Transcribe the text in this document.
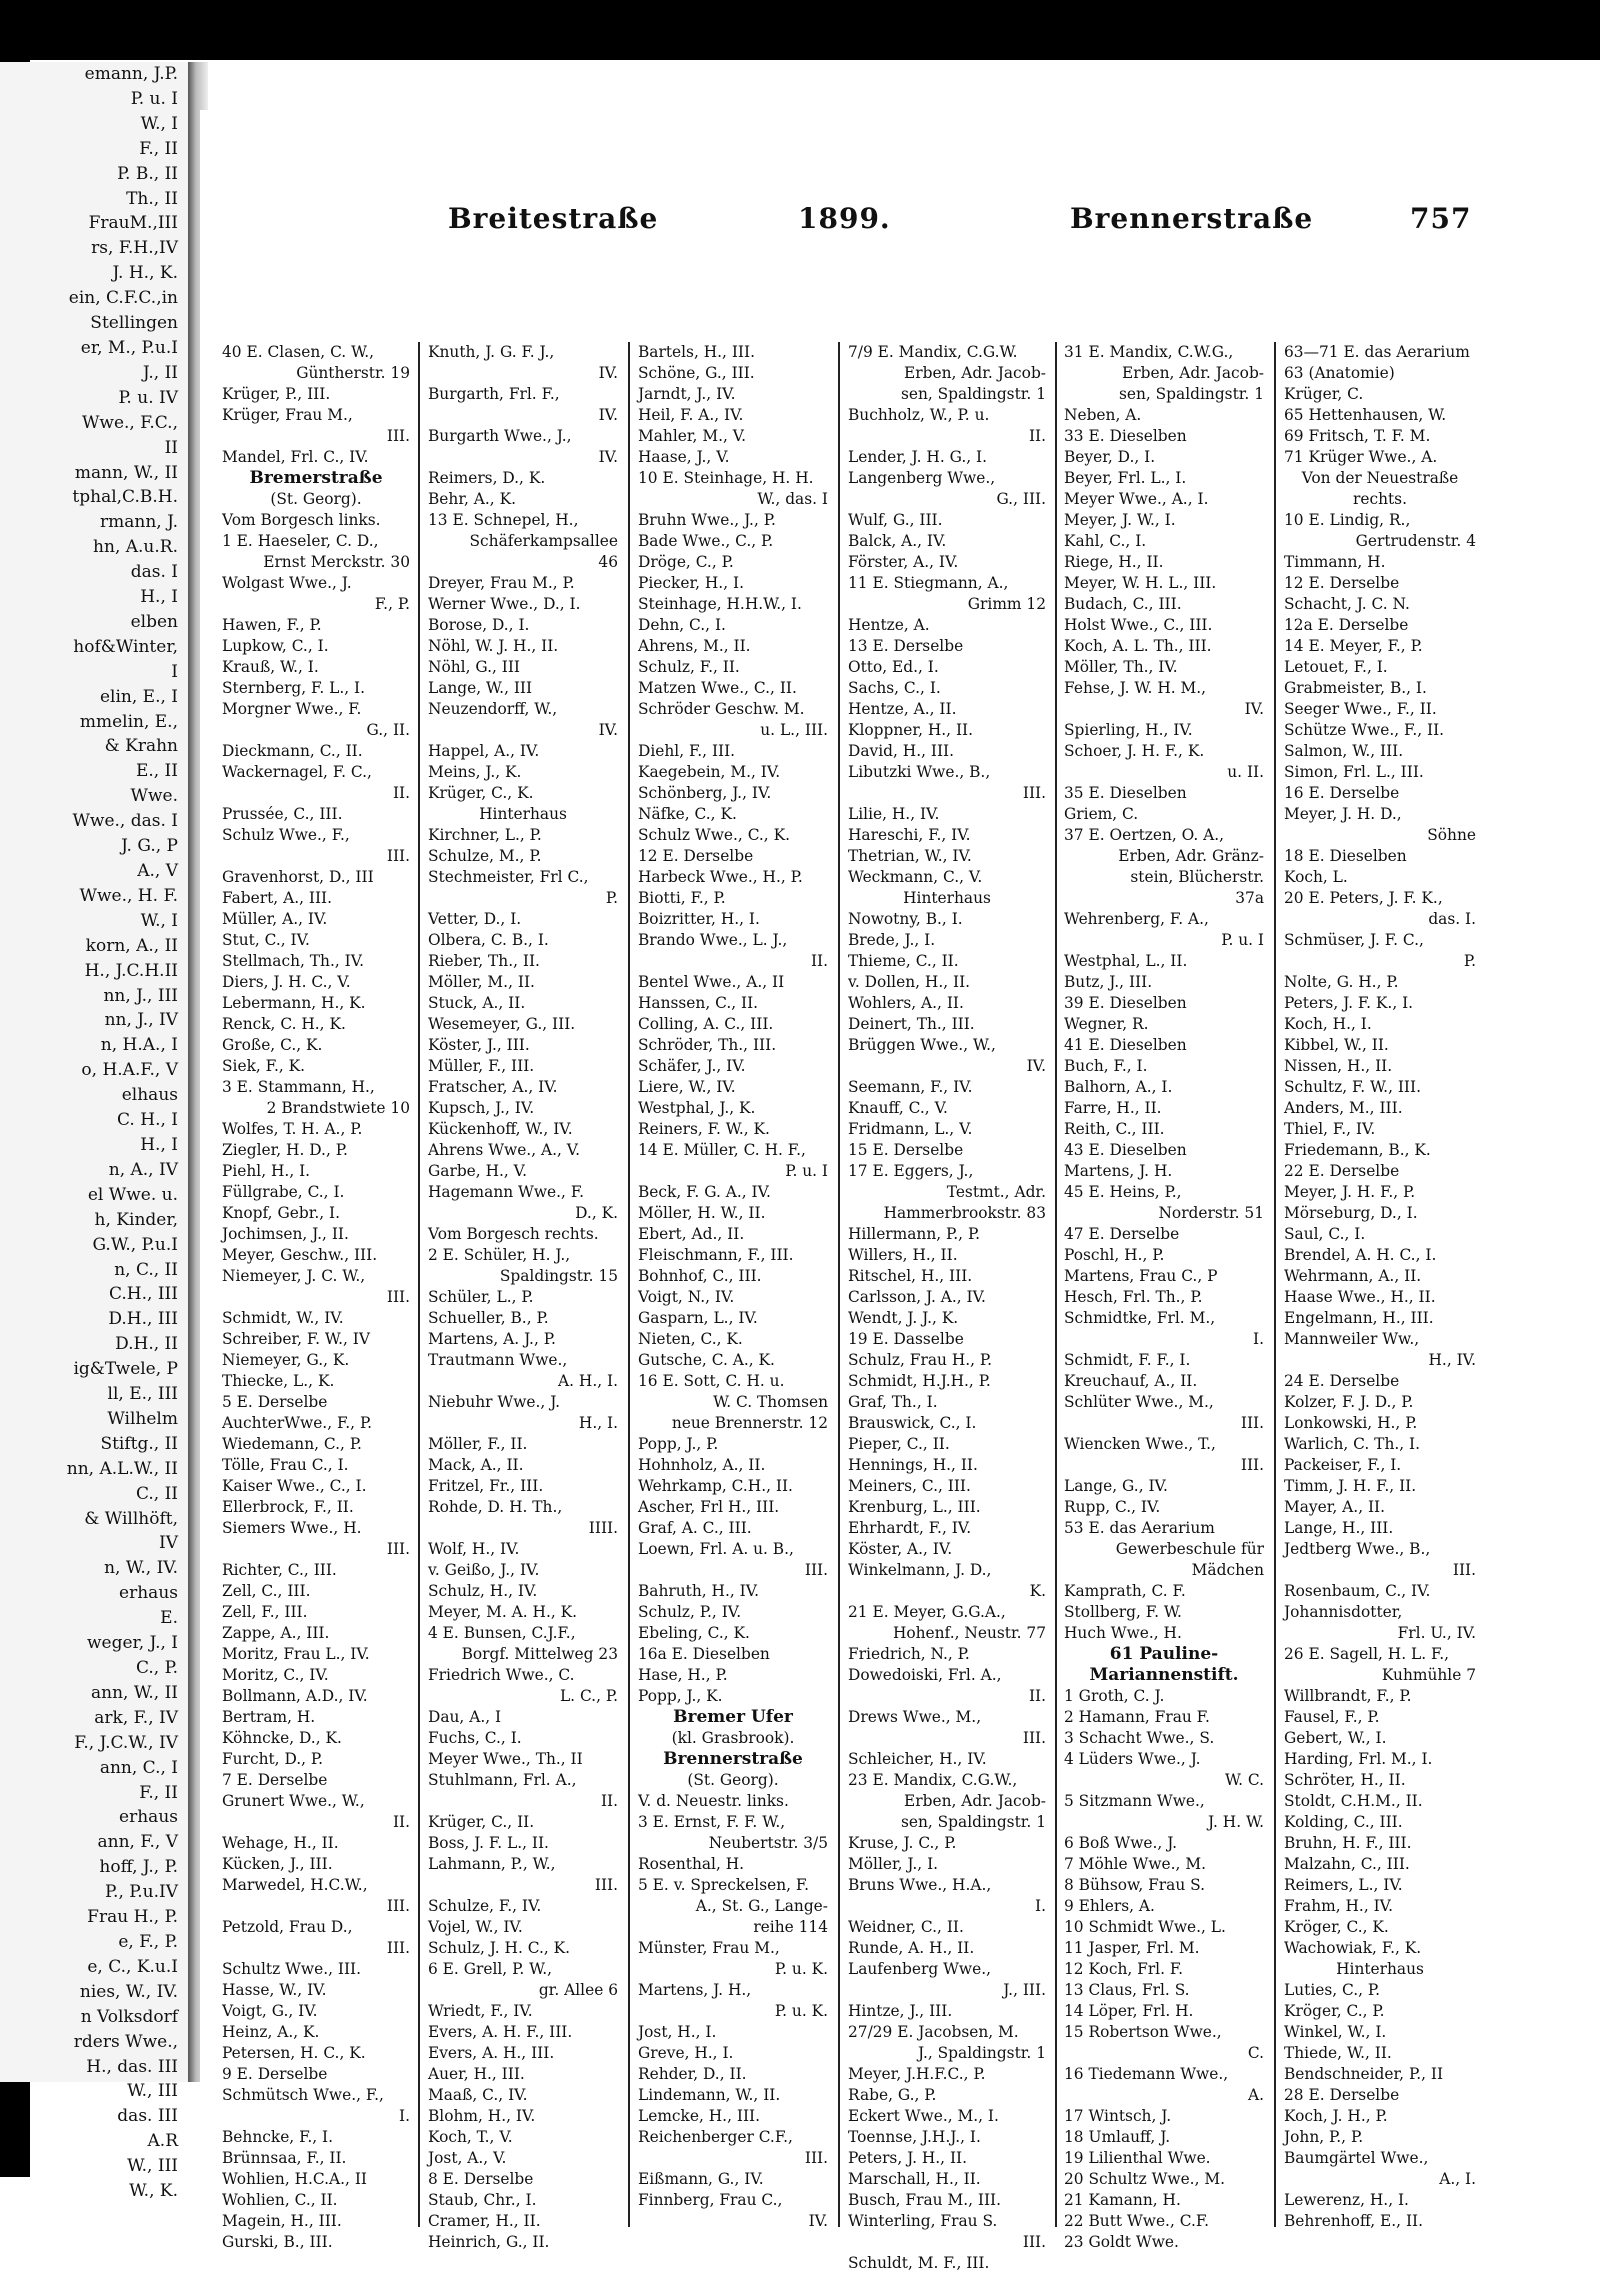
emann, J.P.
P. u. I
W., I
F., II
P. B., II
Th., II
FrauM.,III
rs, F.H.,IV
J. H., K.
ein, C.F.C.,in
Stellingen
er, M., P.u.I
J., II
P. u. IV
Wwe., F.C.,
II
mann, W., II
tphal,C.B.H.
rmann, J.
hn, A.u.R.
das. I
H., I
elben
hof&Winter,
I
elin, E., I
mmelin, E.,
& Krahn
E., II
Wwe.
Wwe., das. I
J. G., P
A., V
Wwe., H. F.
W., I
korn, A., II
H., J.C.H.II
nn, J., III
nn, J., IV
n, H.A., I
o, H.A.F., V
elhaus
C. H., I
H., I
n, A., IV
el Wwe. u.
h, Kinder,
G.W., P.u.I
n, C., II
C.H., III
D.H., III
D.H., II
ig&Twele, P
ll, E., III
Wilhelm
Stiftg., II
nn, A.L.W., II
C., II
& Willhöft,
IV
n, W., IV.
erhaus
E.
weger, J., I
C., P.
ann, W., II
ark, F., IV
F., J.C.W., IV
ann, C., I
F., II
erhaus
ann, F., V
hoff, J., P.
P., P.u.IV
Frau H., P.
e, F., P.
e, C., K.u.I
nies, W., IV.
n Volksdorf
rders Wwe.,
H., das. III
W., III
das. III
A.R
W., III
W., K.
Breitestraße	1899.	Brennerstraße	757
40 E. Clasen, C. W.,
Güntherstr. 19
Krüger, P., III.
Krüger, Frau M.,
III.
Mandel, Frl. C., IV.
Bremerstraße
(St. Georg).
Vom Borgesch links.
1 E. Haeseler, C. D.,
Ernst Merckstr. 30
Wolgast Wwe., J.
F., P.
Hawen, F., P.
Lupkow, C., I.
Krauß, W., I.
Sternberg, F. L., I.
Morgner Wwe., F.
G., II.
Dieckmann, C., II.
Wackernagel, F. C.,
II.
Prussée, C., III.
Schulz Wwe., F.,
III.
Gravenhorst, D., III
Fabert, A., III.
Müller, A., IV.
Stut, C., IV.
Stellmach, Th., IV.
Diers, J. H. C., V.
Lebermann, H., K.
Renck, C. H., K.
Große, C., K.
Siek, F., K.
3 E. Stammann, H.,
2 Brandstwiete 10
Wolfes, T. H. A., P.
Ziegler, H. D., P.
Piehl, H., I.
Füllgrabe, C., I.
Knopf, Gebr., I.
Jochimsen, J., II.
Meyer, Geschw., III.
Niemeyer, J. C. W.,
III.
Schmidt, W., IV.
Schreiber, F. W., IV
Niemeyer, G., K.
Thiecke, L., K.
5 E. Derselbe
AuchterWwe., F., P.
Wiedemann, C., P.
Tölle, Frau C., I.
Kaiser Wwe., C., I.
Ellerbrock, F., II.
Siemers Wwe., H.
III.
Richter, C., III.
Zell, C., III.
Zell, F., III.
Zappe, A., III.
Moritz, Frau L., IV.
Moritz, C., IV.
Bollmann, A.D., IV.
Bertram, H.
Köhncke, D., K.
Furcht, D., P.
7 E. Derselbe
Grunert Wwe., W.,
II.
Wehage, H., II.
Kücken, J., III.
Marwedel, H.C.W.,
III.
Petzold, Frau D.,
III.
Schultz Wwe., III.
Hasse, W., IV.
Voigt, G., IV.
Heinz, A., K.
Petersen, H. C., K.
9 E. Derselbe
Schmütsch Wwe., F.,
I.
Behncke, F., I.
Brünnsaa, F., II.
Wohlien, H.C.A., II
Wohlien, C., II.
Magein, H., III.
Gurski, B., III.
Knuth, J. G. F. J.,
IV.
Burgarth, Frl. F.,
IV.
Burgarth Wwe., J.,
IV.
Reimers, D., K.
Behr, A., K.
13 E. Schnepel, H.,
Schäferkampsallee
46
Dreyer, Frau M., P.
Werner Wwe., D., I.
Borose, D., I.
Nöhl, W. J. H., II.
Nöhl, G., III
Lange, W., III
Neuzendorff, W.,
IV.
Happel, A., IV.
Meins, J., K.
Krüger, C., K.
Hinterhaus
Kirchner, L., P.
Schulze, M., P.
Stechmeister, Frl C.,
P.
Vetter, D., I.
Olbera, C. B., I.
Rieber, Th., II.
Möller, M., II.
Stuck, A., II.
Wesemeyer, G., III.
Köster, J., III.
Müller, F., III.
Fratscher, A., IV.
Kupsch, J., IV.
Kückenhoff, W., IV.
Ahrens Wwe., A., V.
Garbe, H., V.
Hagemann Wwe., F.
D., K.
Vom Borgesch rechts.
2 E. Schüler, H. J.,
Spaldingstr. 15
Schüler, L., P.
Schueller, B., P.
Martens, A. J., P.
Trautmann Wwe.,
A. H., I.
Niebuhr Wwe., J.
H., I.
Möller, F., II.
Mack, A., II.
Fritzel, Fr., III.
Rohde, D. H. Th.,
IIII.
Wolf, H., IV.
v. Geißo, J., IV.
Schulz, H., IV.
Meyer, M. A. H., K.
4 E. Bunsen, C.J.F.,
Borgf. Mittelweg 23
Friedrich Wwe., C.
L. C., P.
Dau, A., I
Fuchs, C., I.
Meyer Wwe., Th., II
Stuhlmann, Frl. A.,
II.
Krüger, C., II.
Boss, J. F. L., II.
Lahmann, P., W.,
III.
Schulze, F., IV.
Vojel, W., IV.
Schulz, J. H. C., K.
6 E. Grell, P. W.,
gr. Allee 6
Wriedt, F., IV.
Evers, A. H. F., III.
Evers, A. H., III.
Auer, H., III.
Maaß, C., IV.
Blohm, H., IV.
Koch, T., V.
Jost, A., V.
8 E. Derselbe
Staub, Chr., I.
Cramer, H., II.
Heinrich, G., II.
Bartels, H., III.
Schöne, G., III.
Jarndt, J., IV.
Heil, F. A., IV.
Mahler, M., V.
Haase, J., V.
10 E. Steinhage, H. H.
W., das. I
Bruhn Wwe., J., P.
Bade Wwe., C., P.
Dröge, C., P.
Piecker, H., I.
Steinhage, H.H.W., I.
Dehn, C., I.
Ahrens, M., II.
Schulz, F., II.
Matzen Wwe., C., II.
Schröder Geschw. M.
u. L., III.
Diehl, F., III.
Kaegebein, M., IV.
Schönberg, J., IV.
Näfke, C., K.
Schulz Wwe., C., K.
12 E. Derselbe
Harbeck Wwe., H., P.
Biotti, F., P.
Boizritter, H., I.
Brando Wwe., L. J.,
II.
Bentel Wwe., A., II
Hanssen, C., II.
Colling, A. C., III.
Schröder, Th., III.
Schäfer, J., IV.
Liere, W., IV.
Westphal, J., K.
Reiners, F. W., K.
14 E. Müller, C. H. F.,
P. u. I
Beck, F. G. A., IV.
Möller, H. W., II.
Ebert, Ad., II.
Fleischmann, F., III.
Bohnhof, C., III.
Voigt, N., IV.
Gasparn, L., IV.
Nieten, C., K.
Gutsche, C. A., K.
16 E. Sott, C. H. u.
W. C. Thomsen
neue Brennerstr. 12
Popp, J., P.
Hohnholz, A., II.
Wehrkamp, C.H., II.
Ascher, Frl H., III.
Graf, A. C., III.
Loewn, Frl. A. u. B.,
III.
Bahruth, H., IV.
Schulz, P., IV.
Ebeling, C., K.
16a E. Dieselben
Hase, H., P.
Popp, J., K.
Bremer Ufer
(kl. Grasbrook).
Brennerstraße
(St. Georg).
V. d. Neuestr. links.
3 E. Ernst, F. F. W.,
Neubertstr. 3/5
Rosenthal, H.
5 E. v. Spreckelsen, F.
A., St. G., Lange-
reihe 114
Münster, Frau M.,
P. u. K.
Martens, J. H.,
P. u. K.
Jost, H., I.
Greve, H., I.
Rehder, D., II.
Lindemann, W., II.
Lemcke, H., III.
Reichenberger C.F.,
III.
Eißmann, G., IV.
Finnberg, Frau C.,
IV.
7/9 E. Mandix, C.G.W.
Erben, Adr. Jacob-
sen, Spaldingstr. 1
Buchholz, W., P. u.
II.
Lender, J. H. G., I.
Langenberg Wwe.,
G., III.
Wulf, G., III.
Balck, A., IV.
Förster, A., IV.
11 E. Stiegmann, A.,
Grimm 12
Hentze, A.
13 E. Derselbe
Otto, Ed., I.
Sachs, C., I.
Hentze, A., II.
Kloppner, H., II.
David, H., III.
Libutzki Wwe., B.,
III.
Lilie, H., IV.
Hareschi, F., IV.
Thetrian, W., IV.
Weckmann, C., V.
Hinterhaus
Nowotny, B., I.
Brede, J., I.
Thieme, C., II.
v. Dollen, H., II.
Wohlers, A., II.
Deinert, Th., III.
Brüggen Wwe., W.,
IV.
Seemann, F., IV.
Knauff, C., V.
Fridmann, L., V.
15 E. Derselbe
17 E. Eggers, J.,
Testmt., Adr.
Hammerbrookstr. 83
Hillermann, P., P.
Willers, H., II.
Ritschel, H., III.
Carlsson, J. A., IV.
Wendt, J. J., K.
19 E. Dasselbe
Schulz, Frau H., P.
Schmidt, H.J.H., P.
Graf, Th., I.
Brauswick, C., I.
Pieper, C., II.
Hennings, H., II.
Meiners, C., III.
Krenburg, L., III.
Ehrhardt, F., IV.
Köster, A., IV.
Winkelmann, J. D.,
K.
21 E. Meyer, G.G.A.,
Hohenf., Neustr. 77
Friedrich, N., P.
Dowedoiski, Frl. A.,
II.
Drews Wwe., M.,
III.
Schleicher, H., IV.
23 E. Mandix, C.G.W.,
Erben, Adr. Jacob-
sen, Spaldingstr. 1
Kruse, J. C., P.
Möller, J., I.
Bruns Wwe., H.A.,
I.
Weidner, C., II.
Runde, A. H., II.
Laufenberg Wwe.,
J., III.
Hintze, J., III.
27/29 E. Jacobsen, M.
J., Spaldingstr. 1
Meyer, J.H.F.C., P.
Rabe, G., P.
Eckert Wwe., M., I.
Toennse, J.H.J., I.
Peters, J. H., II.
Marschall, H., II.
Busch, Frau M., III.
Winterling, Frau S.
III.
Schuldt, M. F., III.
31 E. Mandix, C.W.G.,
Erben, Adr. Jacob-
sen, Spaldingstr. 1
Neben, A.
33 E. Dieselben
Beyer, D., I.
Beyer, Frl. L., I.
Meyer Wwe., A., I.
Meyer, J. W., I.
Kahl, C., I.
Riege, H., II.
Meyer, W. H. L., III.
Budach, C., III.
Holst Wwe., C., III.
Koch, A. L. Th., III.
Möller, Th., IV.
Fehse, J. W. H. M.,
IV.
Spierling, H., IV.
Schoer, J. H. F., K.
u. II.
35 E. Dieselben
Griem, C.
37 E. Oertzen, O. A.,
Erben, Adr. Gränz-
stein, Blücherstr.
37a
Wehrenberg, F. A.,
P. u. I
Westphal, L., II.
Butz, J., III.
39 E. Dieselben
Wegner, R.
41 E. Dieselben
Buch, F., I.
Balhorn, A., I.
Farre, H., II.
Reith, C., III.
43 E. Dieselben
Martens, J. H.
45 E. Heins, P.,
Norderstr. 51
47 E. Derselbe
Poschl, H., P.
Martens, Frau C., P
Hesch, Frl. Th., P.
Schmidtke, Frl. M.,
I.
Schmidt, F. F., I.
Kreuchauf, A., II.
Schlüter Wwe., M.,
III.
Wiencken Wwe., T.,
III.
Lange, G., IV.
Rupp, C., IV.
53 E. das Aerarium
Gewerbeschule für
Mädchen
Kamprath, C. F.
Stollberg, F. W.
Huch Wwe., H.
61 Pauline-
Mariannenstift.
1 Groth, C. J.
2 Hamann, Frau F.
3 Schacht Wwe., S.
4 Lüders Wwe., J.
W. C.
5 Sitzmann Wwe.,
J. H. W.
6 Boß Wwe., J.
7 Möhle Wwe., M.
8 Bühsow, Frau S.
9 Ehlers, A.
10 Schmidt Wwe., L.
11 Jasper, Frl. M.
12 Koch, Frl. F.
13 Claus, Frl. S.
14 Löper, Frl. H.
15 Robertson Wwe.,
C.
16 Tiedemann Wwe.,
A.
17 Wintsch, J.
18 Umlauff, J.
19 Lilienthal Wwe.
20 Schultz Wwe., M.
21 Kamann, H.
22 Butt Wwe., C.F.
23 Goldt Wwe.
63—71 E. das Aerarium
63 (Anatomie)
Krüger, C.
65 Hettenhausen, W.
69 Fritsch, T. F. M.
71 Krüger Wwe., A.
Von der Neuestraße
rechts.
10 E. Lindig, R.,
Gertrudenstr. 4
Timmann, H.
12 E. Derselbe
Schacht, J. C. N.
12a E. Derselbe
14 E. Meyer, F., P.
Letouet, F., I.
Grabmeister, B., I.
Seeger Wwe., F., II.
Schütze Wwe., F., II.
Salmon, W., III.
Simon, Frl. L., III.
16 E. Derselbe
Meyer, J. H. D.,
Söhne
18 E. Dieselben
Koch, L.
20 E. Peters, J. F. K.,
das. I.
Schmüser, J. F. C.,
P.
Nolte, G. H., P.
Peters, J. F. K., I.
Koch, H., I.
Kibbel, W., II.
Nissen, H., II.
Schultz, F. W., III.
Anders, M., III.
Thiel, F., IV.
Friedemann, B., K.
22 E. Derselbe
Meyer, J. H. F., P.
Mörseburg, D., I.
Saul, C., I.
Brendel, A. H. C., I.
Wehrmann, A., II.
Haase Wwe., H., II.
Engelmann, H., III.
Mannweiler Ww.,
H., IV.
24 E. Derselbe
Kolzer, F. J. D., P.
Lonkowski, H., P.
Warlich, C. Th., I.
Packeiser, F., I.
Timm, J. H. F., II.
Mayer, A., II.
Lange, H., III.
Jedtberg Wwe., B.,
III.
Rosenbaum, C., IV.
Johannisdotter,
Frl. U., IV.
26 E. Sagell, H. L. F.,
Kuhmühle 7
Willbrandt, F., P.
Fausel, F., P.
Gebert, W., I.
Harding, Frl. M., I.
Schröter, H., II.
Stoldt, C.H.M., II.
Kolding, C., III.
Bruhn, H. F., III.
Malzahn, C., III.
Reimers, L., IV.
Frahm, H., IV.
Kröger, C., K.
Wachowiak, F., K.
Hinterhaus
Luties, C., P.
Kröger, C., P.
Winkel, W., I.
Thiede, W., II.
Bendschneider, P., II
28 E. Derselbe
Koch, J. H., P.
John, P., P.
Baumgärtel Wwe.,
A., I.
Lewerenz, H., I.
Behrenhoff, E., II.
